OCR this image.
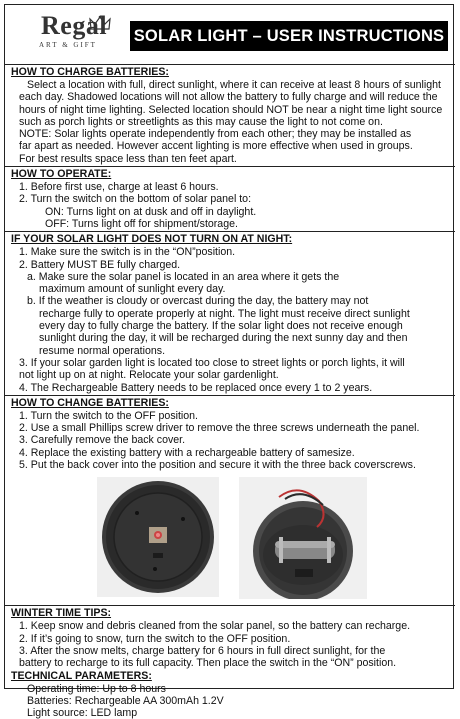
Regal
ART & GIFT SOLAR LIGHT – USER INSTRUCTIONS
HOW TO CHARGE BATTERIES:
Select a location with full, direct sunlight, where it can receive at least 8 hours of sunlight
each day. Shadowed locations will not allow the battery to fully charge and will reduce the
hours of night time lighting. Selected location should NOT be near a night time light source
such as porch lights or streetlights as this may cause the light to not come on.
NOTE: Solar lights operate independently from each other; they may be installed as
far apart as needed. However accent lighting is more effective when used in groups.
For best results space less than ten feet apart.
HOW TO OPERATE:
1. Before first use, charge at least 6 hours.
2. Turn the switch on the bottom of solar panel to:
ON: Turns light on at dusk and off in daylight.
OFF: Turns light off for shipment/storage.
IF YOUR SOLAR LIGHT DOES NOT TURN ON AT NIGHT:
1. Make sure the switch is in the “ON”position.
2. Battery MUST BE fully charged.
a. Make sure the solar panel is located in an area where it gets the
maximum amount of sunlight every day.
b. If the weather is cloudy or overcast during the day, the battery may not
recharge fully to operate properly at night. The light must receive direct sunlight
every day to fully charge the battery. If the solar light does not receive enough
sunlight during the day, it will be recharged during the next sunny day and then
resume normal operations.
3. If your solar garden light is located too close to street lights or porch lights, it will
not light up on at night. Relocate your solar gardenlight.
4. The Rechargeable Battery needs to be replaced once every 1 to 2 years.
HOW TO CHANGE BATTERIES:
1. Turn the switch to the OFF position.
2. Use a small Phillips screw driver to remove the three screws underneath the panel.
3. Carefully remove the back cover.
4. Replace the existing battery with a rechargeable battery of samesize.
5. Put the back cover into the position and secure it with the three back coverscrews.
WINTER TIME TIPS:
1. Keep snow and debris cleaned from the solar panel, so the battery can recharge.
2. If it’s going to snow, turn the switch to the OFF position.
3. After the snow melts, charge battery for 6 hours in full direct sunlight, for the
battery to recharge to its full capacity. Then place the switch in the “ON” position.
TECHNICAL PARAMETERS:
Operating time: Up to 8 hours
Batteries: Rechargeable AA 300mAh 1.2V
Light source: LED lamp
